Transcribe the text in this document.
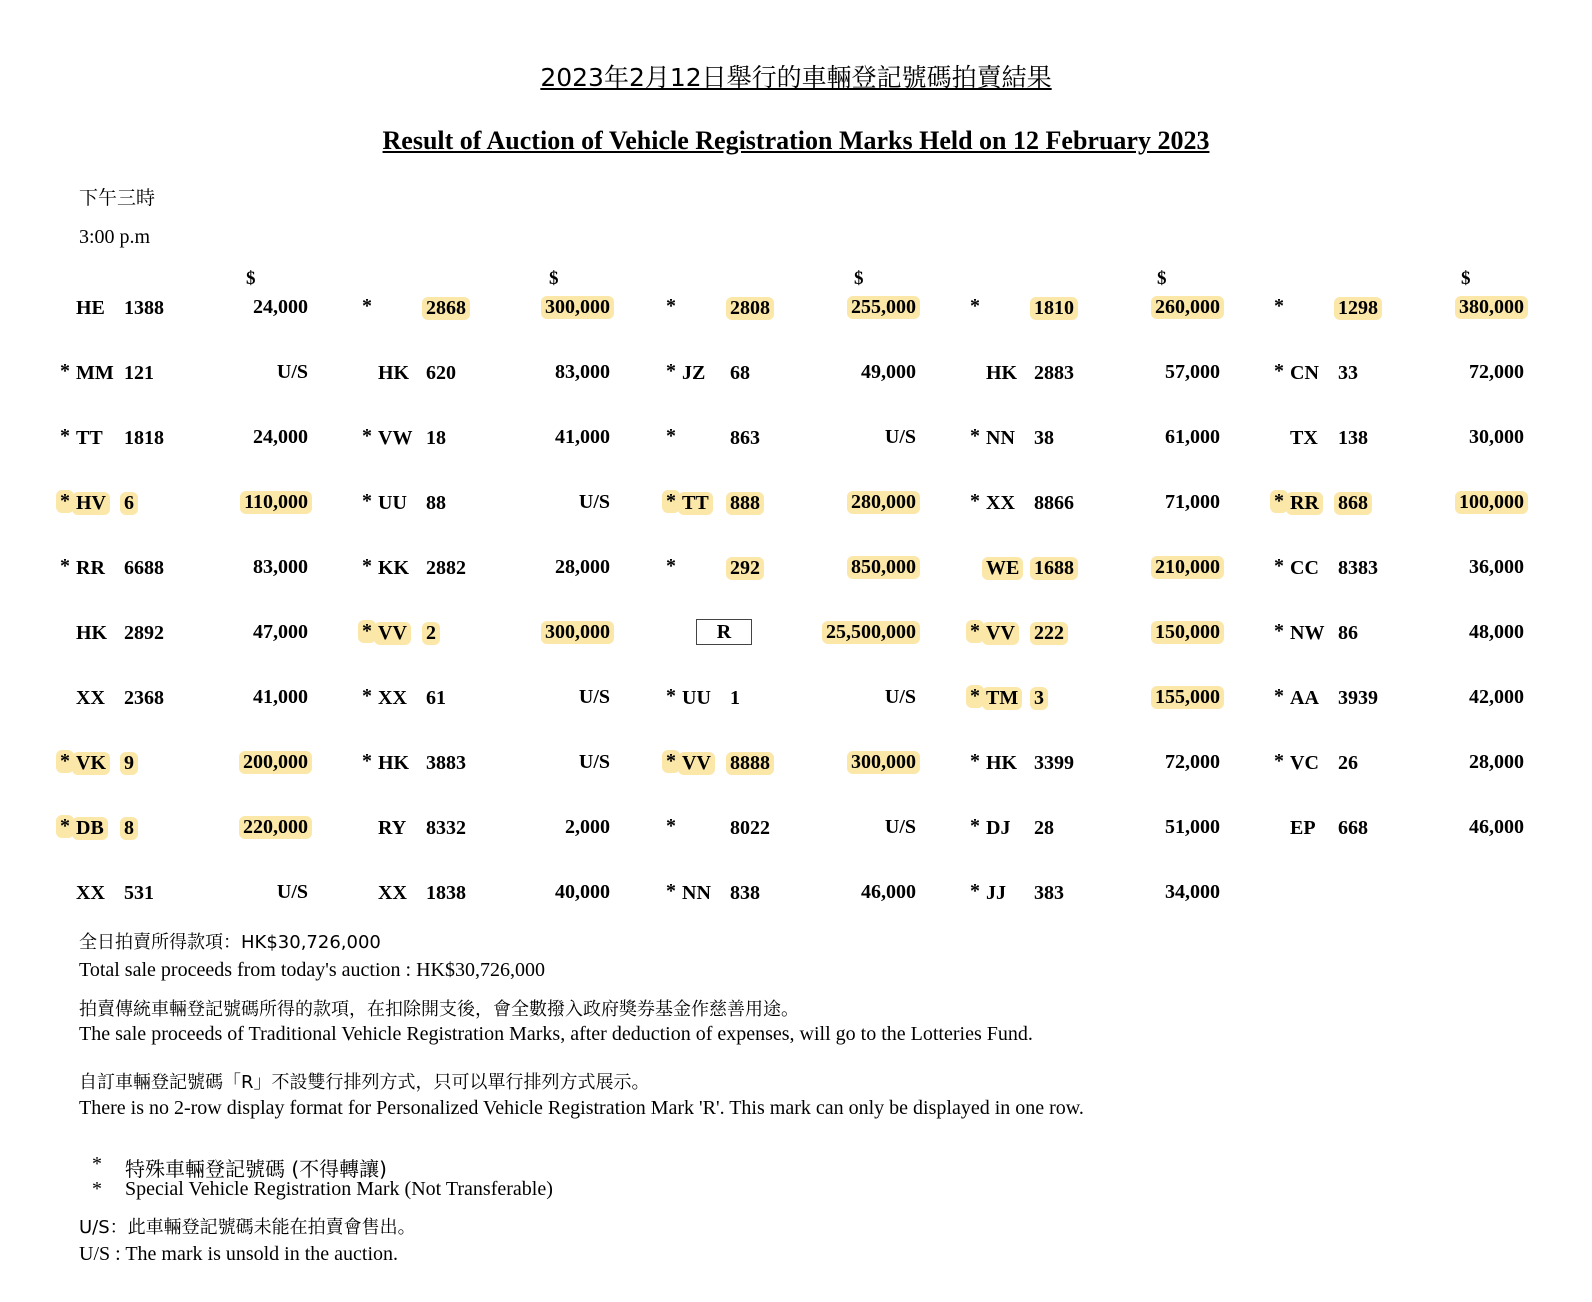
2023年2月12日舉行的車輛登記號碼拍賣結果
Result of Auction of Vehicle Registration Marks Held on 12 February 2023
下午三時
3:00 p.m
$
HE 1388	24,000
* MM 121	U/S
* TT 1818	24,000
* HV 6	110,000
* RR 6688	83,000
HK 2892	47,000
XX 2368	41,000
* VK 9	200,000
* DB 8	220,000
XX 531	U/S
$
*	2868	300,000
HK 620	83,000
* VW 18	41,000
* UU 88	U/S
* KK 2882	28,000
* VV 2	300,000
* XX 61	U/S
* HK 3883	U/S
RY 8332	2,000
XX 1838	40,000
$
*	2808	255,000
* JZ 68	49,000
*	863	U/S
* TT 888	280,000
*	292	850,000
R	25,500,000
* UU 1	U/S
* VV 8888	300,000
*	8022	U/S
* NN 838	46,000
$
*	1810	260,000
HK 2883	57,000
* NN 38	61,000
* XX 8866	71,000
WE 1688	210,000
* VV 222	150,000
* TM 3	155,000
* HK 3399	72,000
* DJ 28	51,000
* JJ 383	34,000
$
*	1298	380,000
* CN 33	72,000
TX 138	30,000
* RR 868	100,000
* CC 8383	36,000
* NW 86	48,000
* AA 3939	42,000
* VC 26	28,000
EP 668	46,000
全日拍賣所得款項：HK$30,726,000
Total sale proceeds from today's auction : HK$30,726,000
拍賣傳統車輛登記號碼所得的款項，在扣除開支後，會全數撥入政府獎券基金作慈善用途。
The sale proceeds of Traditional Vehicle Registration Marks, after deduction of expenses, will go to the Lotteries Fund.
自訂車輛登記號碼「R」不設雙行排列方式，只可以單行排列方式展示。
There is no 2-row display format for Personalized Vehicle Registration Mark 'R'. This mark can only be displayed in one row.
* 特殊車輛登記號碼 (不得轉讓)
* Special Vehicle Registration Mark (Not Transferable)
U/S：此車輛登記號碼未能在拍賣會售出。
U/S : The mark is unsold in the auction.
